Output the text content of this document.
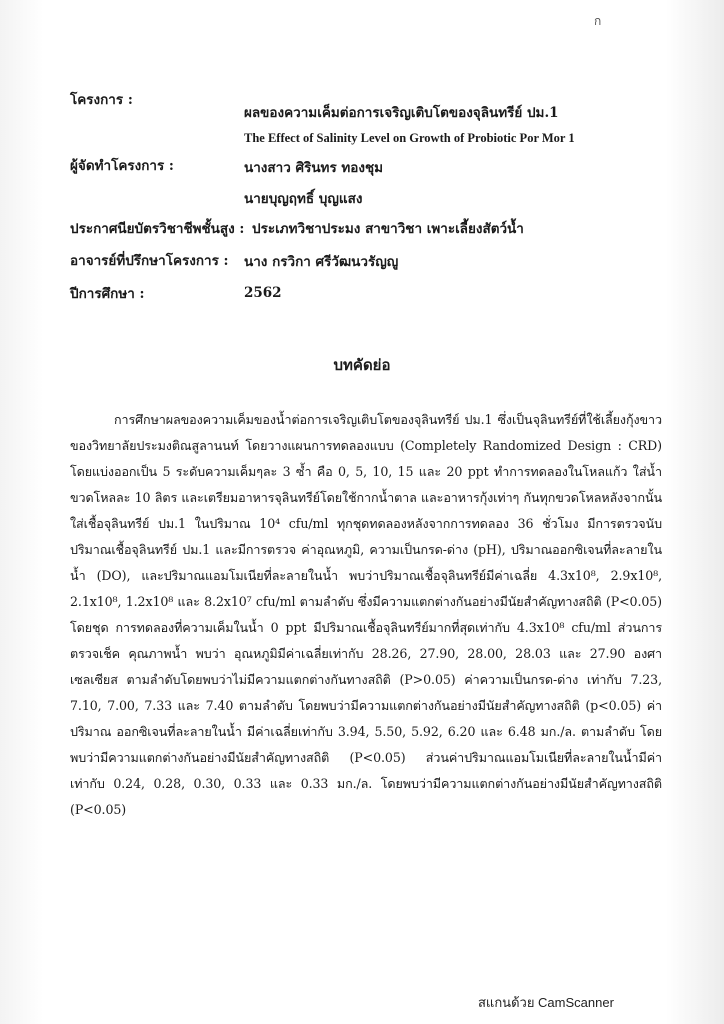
ก
โครงการ :
ผลของความเค็มต่อการเจริญเติบโตของจุลินทรีย์ ปม.1
The Effect of Salinity Level on Growth of Probiotic Por Mor 1
ผู้จัดทำโครงการ :	นางสาว ศิรินทร ทองชุม
นายบุญฤทธิ์ บุญแสง
ประกาศนียบัตรวิชาชีพชั้นสูง : ประเภทวิชาประมง สาขาวิชา เพาะเลี้ยงสัตว์น้ำ
อาจารย์ที่ปรึกษาโครงการ : นาง กรวิกา ศรีวัฒนวรัญญู
ปีการศึกษา :	2562
บทคัดย่อ

การศึกษาผลของความเค็มของน้ำต่อการเจริญเติบโตของจุลินทรีย์ ปม.1 ซึ่งเป็นจุลินทรีย์ที่ใช้เลี้ยงกุ้งขาว ของวิทยาลัยประมงติณสูลานนท์ โดยวางแผนการทดลองแบบ (Completely Randomized Design : CRD) โดยแบ่งออกเป็น 5 ระดับความเค็มๆละ 3 ซ้ำ คือ 0, 5, 10, 15 และ 20 ppt ทำการทดลองในโหลแก้ว ใส่น้ำขวดโหลละ 10 ลิตร และเตรียมอาหารจุลินทรีย์โดยใช้กากน้ำตาล และอาหารกุ้งเท่าๆ กันทุกขวดโหลหลังจากนั้นใส่เชื้อจุลินทรีย์ ปม.1 ในปริมาณ 10⁴ cfu/ml ทุกชุดทดลองหลังจากการทดลอง 36 ชั่วโมง มีการตรวจนับปริมาณเชื้อจุลินทรีย์ ปม.1 และมีการตรวจ ค่าอุณหภูมิ, ความเป็นกรด-ด่าง (pH), ปริมาณออกซิเจนที่ละลายในน้ำ (DO), และปริมาณแอมโมเนียที่ละลายในน้ำ พบว่าปริมาณเชื้อจุลินทรีย์มีค่าเฉลี่ย 4.3x10⁸, 2.9x10⁸, 2.1x10⁸, 1.2x10⁸ และ 8.2x10⁷ cfu/ml ตามลำดับ ซึ่งมีความแตกต่างกันอย่างมีนัยสำคัญทางสถิติ (P<0.05) โดยชุด การทดลองที่ความเค็มในน้ำ 0 ppt มีปริมาณเชื้อจุลินทรีย์มากที่สุดเท่ากับ 4.3x10⁸ cfu/ml ส่วนการตรวจเช็ค คุณภาพน้ำ พบว่า อุณหภูมิมีค่าเฉลี่ยเท่ากับ 28.26, 27.90, 28.00, 28.03 และ 27.90 องศาเซลเซียส ตามลำดับโดยพบว่าไม่มีความแตกต่างกันทางสถิติ (P>0.05) ค่าความเป็นกรด-ด่าง เท่ากับ 7.23, 7.10, 7.00, 7.33 และ 7.40 ตามลำดับ โดยพบว่ามีความแตกต่างกันอย่างมีนัยสำคัญทางสถิติ (p<0.05) ค่าปริมาณ ออกซิเจนที่ละลายในน้ำ มีค่าเฉลี่ยเท่ากับ 3.94, 5.50, 5.92, 6.20 และ 6.48 มก./ล. ตามลำดับ โดยพบว่ามีความแตกต่างกันอย่างมีนัยสำคัญทางสถิติ (P<0.05) ส่วนค่าปริมาณแอมโมเนียที่ละลายในน้ำมีค่า เท่ากับ 0.24, 0.28, 0.30, 0.33 และ 0.33 มก./ล. โดยพบว่ามีความแตกต่างกันอย่างมีนัยสำคัญทางสถิติ (P<0.05)

สแกนด้วย CamScanner
